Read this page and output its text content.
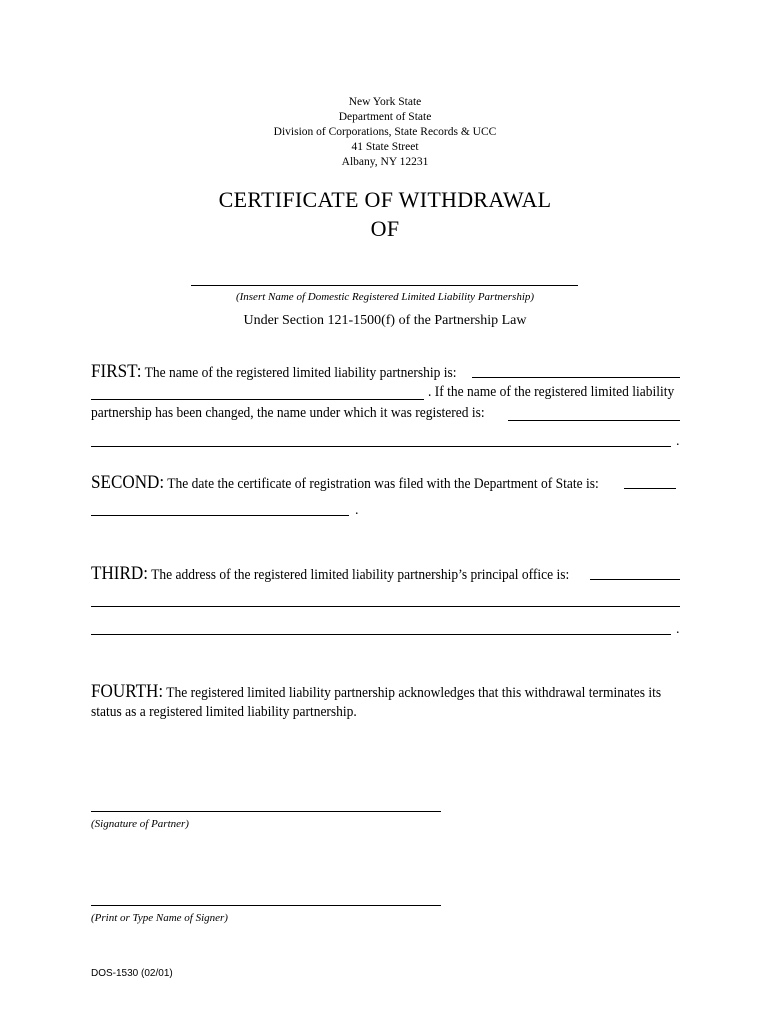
New York State
Department of State
Division of Corporations, State Records & UCC
41 State Street
Albany, NY 12231
CERTIFICATE OF WITHDRAWAL
OF
(Insert Name of Domestic Registered Limited Liability Partnership)
Under Section 121-1500(f) of the Partnership Law
FIRST: The name of the registered limited liability partnership is:
. If the name of the registered limited liability
partnership has been changed, the name under which it was registered is:
.
SECOND: The date the certificate of registration was filed with the Department of State is:
.
THIRD: The address of the registered limited liability partnership’s principal office is:
.
FOURTH: The registered limited liability partnership acknowledges that this withdrawal terminates its
status as a registered limited liability partnership.
(Signature of Partner)
(Print or Type Name of Signer)
DOS-1530 (02/01)
